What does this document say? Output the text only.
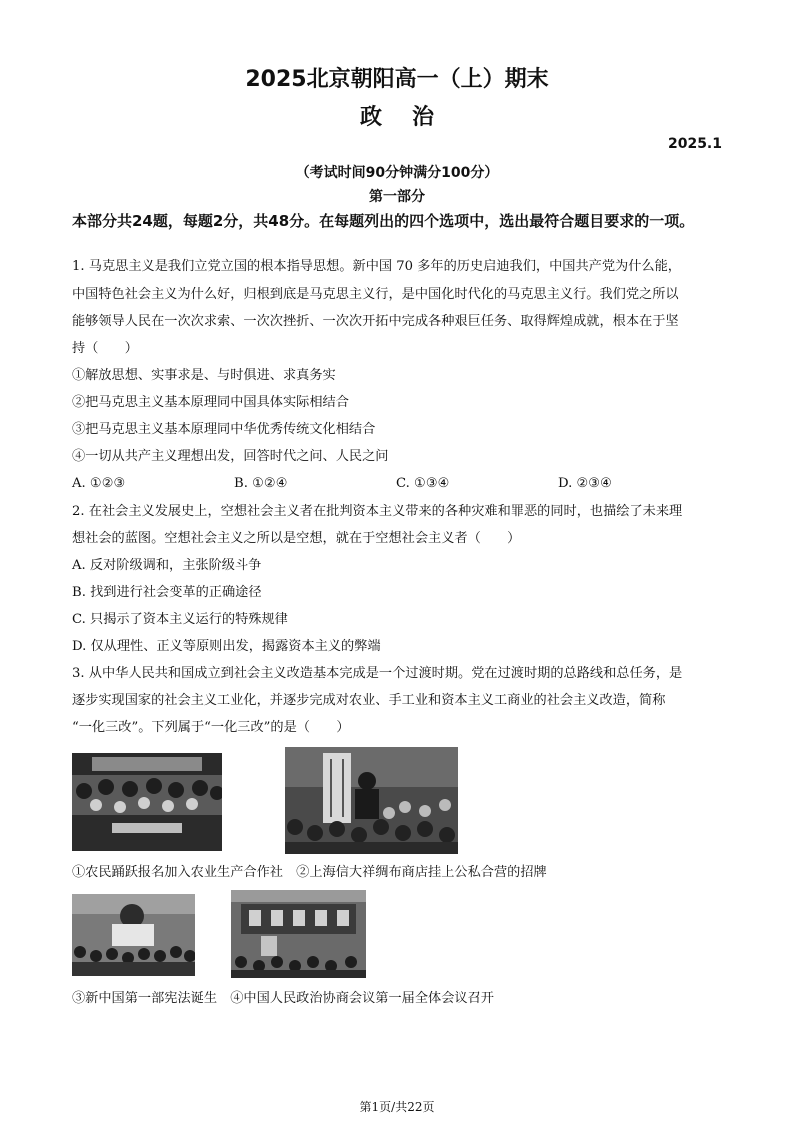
2025北京朝阳高一（上）期末
政治
2025.1
（考试时间90分钟满分100分）
第一部分
本部分共24题，每题2分，共48分。在每题列出的四个选项中，选出最符合题目要求的一项。
1. 马克思主义是我们立党立国的根本指导思想。新中国 70 多年的历史启迪我们，中国共产党为什么能，
中国特色社会主义为什么好，归根到底是马克思主义行，是中国化时代化的马克思主义行。我们党之所以
能够领导人民在一次次求索、一次次挫折、一次次开拓中完成各种艰巨任务、取得辉煌成就，根本在于坚
持（　　）
①解放思想、实事求是、与时俱进、求真务实
②把马克思主义基本原理同中国具体实际相结合
③把马克思主义基本原理同中华优秀传统文化相结合
④一切从共产主义理想出发，回答时代之问、人民之问
A. ①②③	B. ①②④	C. ①③④	D. ②③④
2. 在社会主义发展史上，空想社会主义者在批判资本主义带来的各种灾难和罪恶的同时，也描绘了未来理
想社会的蓝图。空想社会主义之所以是空想，就在于空想社会主义者（　　）
A. 反对阶级调和，主张阶级斗争
B. 找到进行社会变革的正确途径
C. 只揭示了资本主义运行的特殊规律
D. 仅从理性、正义等原则出发，揭露资本主义的弊端
3. 从中华人民共和国成立到社会主义改造基本完成是一个过渡时期。党在过渡时期的总路线和总任务，是
逐步实现国家的社会主义工业化，并逐步完成对农业、手工业和资本主义工商业的社会主义改造，简称
“一化三改”。下列属于“一化三改”的是（　　）
①农民踊跃报名加入农业生产合作社　②上海信大祥绸布商店挂上公私合营的招牌
③新中国第一部宪法诞生　④中国人民政治协商会议第一届全体会议召开
第1页/共22页
